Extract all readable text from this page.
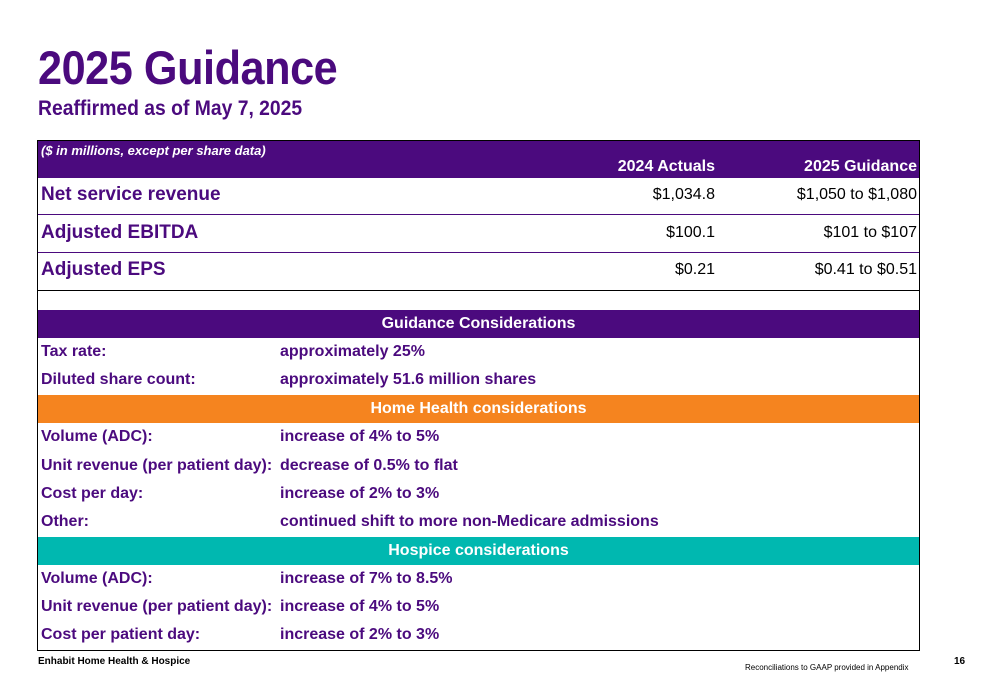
2025 Guidance
Reaffirmed as of May 7, 2025
($ in millions, except per share data)
2024 Actuals	2025 Guidance
Net service revenue	$1,034.8	$1,050 to $1,080
Adjusted EBITDA	$100.1	$101 to $107
Adjusted EPS	$0.21	$0.41 to $0.51
Guidance Considerations
Tax rate:	approximately 25%
Diluted share count:	approximately 51.6 million shares
Home Health considerations
Volume (ADC):	increase of 4% to 5%
Unit revenue (per patient day): decrease of 0.5% to flat
Cost per day:	increase of 2% to 3%
Other:	continued shift to more non-Medicare admissions
Hospice considerations
Volume (ADC):	increase of 7% to 8.5%
Unit revenue (per patient day): increase of 4% to 5%
Cost per patient day:	increase of 2% to 3%
Enhabit Home Health & Hospice
Reconciliations to GAAP provided in Appendix
16
